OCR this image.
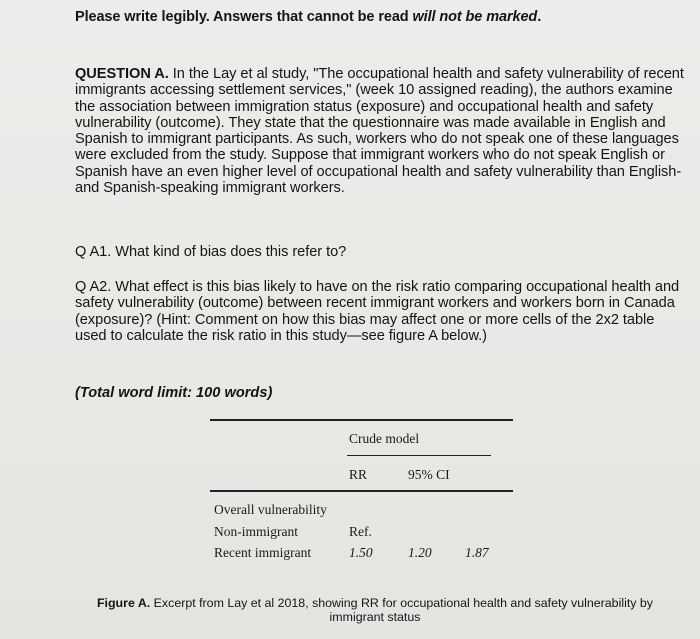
Please write legibly. Answers that cannot be read will not be marked.

QUESTION A. In the Lay et al study, "The occupational health and safety vulnerability of recent immigrants accessing settlement services," (week 10 assigned reading), the authors examine the association between immigration status (exposure) and occupational health and safety vulnerability (outcome). They state that the questionnaire was made available in English and Spanish to immigrant participants. As such, workers who do not speak one of these languages were excluded from the study. Suppose that immigrant workers who do not speak English or Spanish have an even higher level of occupational health and safety vulnerability than English- and Spanish-speaking immigrant workers.

Q A1. What kind of bias does this refer to?

Q A2. What effect is this bias likely to have on the risk ratio comparing occupational health and safety vulnerability (outcome) between recent immigrant workers and workers born in Canada (exposure)? (Hint: Comment on how this bias may affect one or more cells of the 2x2 table used to calculate the risk ratio in this study—see figure A below.)

(Total word limit: 100 words)
Crude model
RR	95% CI
Overall vulnerability
Non-immigrant	Ref.
Recent immigrant	1.50	1.20 1.87
Figure A. Excerpt from Lay et al 2018, showing RR for occupational health and safety vulnerability by immigrant status
